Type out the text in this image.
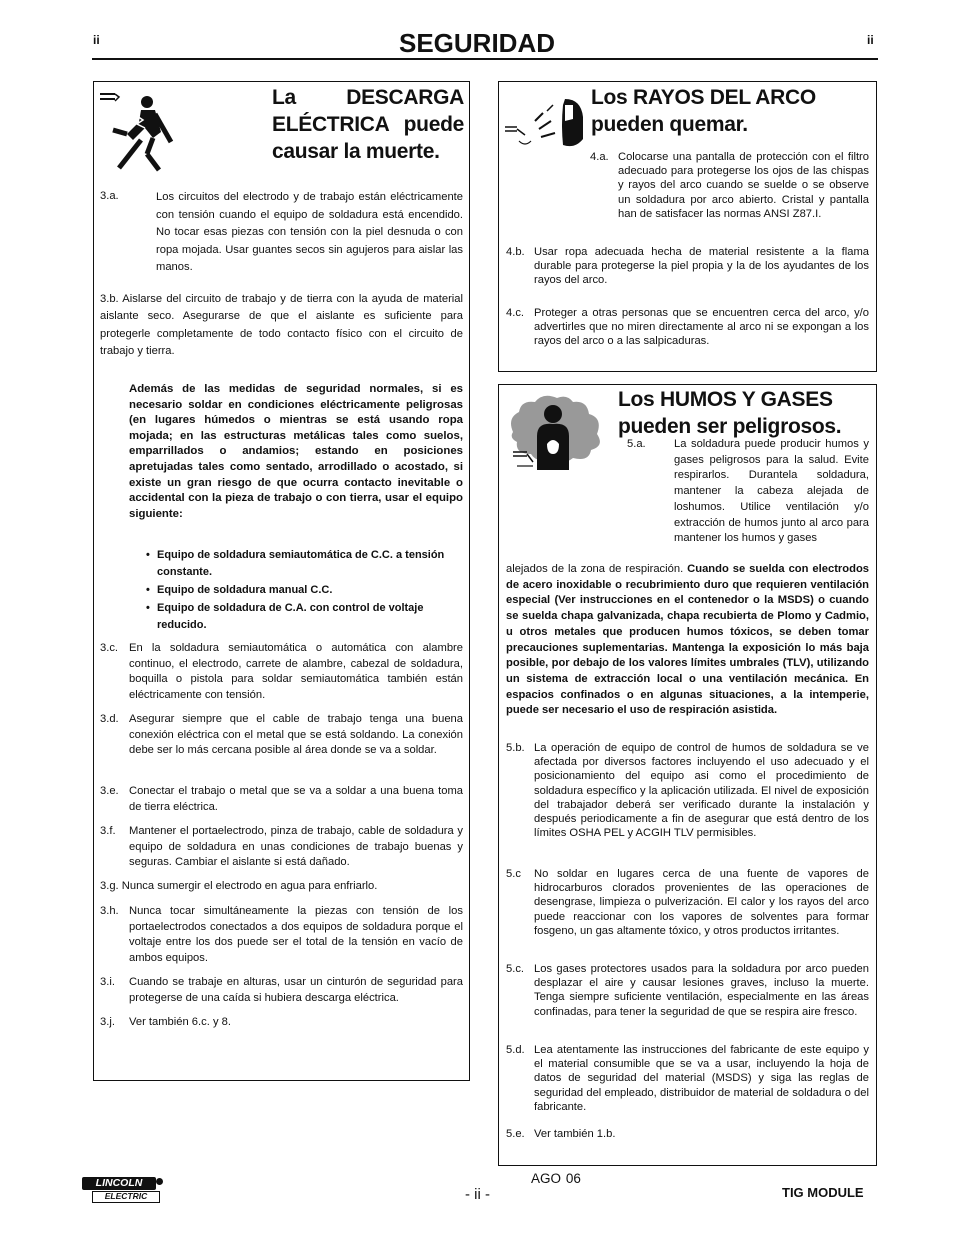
ii	ii
SEGURIDAD
La DESCARGA ELÉCTRICA puede causar la muerte.
3.a.	Los circuitos del electrodo y de trabajo están eléctricamente con tensión cuando el equipo de soldadura está encendido. No tocar esas piezas con tensión con la piel desnuda o con ropa mojada. Usar guantes secos sin agujeros para aislar las manos.
3.b. Aislarse del circuito de trabajo y de tierra con la ayuda de material aislante seco. Asegurarse de que el aislante es suficiente para protegerle completamente de todo contacto físico con el circuito de trabajo y tierra.
Además de las medidas de seguridad normales, si es necesario soldar en condiciones eléctricamente peligrosas (en lugares húmedos o mientras se está usando ropa mojada; en las estructuras metálicas tales como suelos, emparrillados o andamios; estando en posiciones apretujadas tales como sentado, arrodillado o acostado, si existe un gran riesgo de que ocurra contacto inevitable o accidental con la pieza de trabajo o con tierra, usar el equipo siguiente:
• Equipo de soldadura semiautomática de C.C. a tensión constante.
• Equipo de soldadura manual C.C.
• Equipo de soldadura de C.A. con control de voltaje reducido.
3.c. En la soldadura semiautomática o automática con alambre continuo, el electrodo, carrete de alambre, cabezal de soldadura, boquilla o pistola para soldar semiautomática también están eléctricamente con tensión.
3.d. Asegurar siempre que el cable de trabajo tenga una buena conexión eléctrica con el metal que se está soldando. La conexión debe ser lo más cercana posible al área donde se va a soldar.
3.e. Conectar el trabajo o metal que se va a soldar a una buena toma de tierra eléctrica.
3.f. Mantener el portaelectrodo, pinza de trabajo, cable de soldadura y equipo de soldadura en unas condiciones de trabajo buenas y seguras. Cambiar el aislante si está dañado.
3.g. Nunca sumergir el electrodo en agua para enfriarlo.
3.h. Nunca tocar simultáneamente la piezas con tensión de los portaelectrodos conectados a dos equipos de soldadura porque el voltaje entre los dos puede ser el total de la tensión en vacío de ambos equipos.
3.i. Cuando se trabaje en alturas, usar un cinturón de seguridad para protegerse de una caída si hubiera descarga eléctrica.
3.j. Ver también 6.c. y 8.
Los RAYOS DEL ARCO pueden quemar.
4.a. Colocarse una pantalla de protección con el filtro adecuado para protegerse los ojos de las chispas y rayos del arco cuando se suelde o se observe un soldadura por arco abierto. Cristal y pantalla han de satisfacer las normas ANSI Z87.I.
4.b. Usar ropa adecuada hecha de material resistente a la flama durable para protegerse la piel propia y la de los ayudantes de los rayos del arco.
4.c. Proteger a otras personas que se encuentren cerca del arco, y/o advertirles que no miren directamente al arco ni se expongan a los rayos del arco o a las salpicaduras.
Los HUMOS Y GASES pueden ser peligrosos.
5.a.	La soldadura puede producir humos y gases peligrosos para la salud. Evite respirarlos. Durantela soldadura, mantener la cabeza alejada de loshumos. Utilice ventilación y/o extracción de humos junto al arco para mantener los humos y gases
alejados de la zona de respiración. Cuando se suelda con electrodos de acero inoxidable o recubrimiento duro que requieren ventilación especial (Ver instrucciones en el contenedor o la MSDS) o cuando se suelda chapa galvanizada, chapa recubierta de Plomo y Cadmio, u otros metales que producen humos tóxicos, se deben tomar precauciones suplementarias. Mantenga la exposición lo más baja posible, por debajo de los valores límites umbrales (TLV), utilizando un sistema de extracción local o una ventilación mecánica. En espacios confinados o en algunas situaciones, a la intemperie, puede ser necesario el uso de respiración asistida.
5.b. La operación de equipo de control de humos de soldadura se ve afectada por diversos factores incluyendo el uso adecuado y el posicionamiento del equipo asi como el procedimiento de soldadura específico y la aplicación utilizada. El nivel de exposición del trabajador deberá ser verificado durante la instalación y después periodicamente a fin de asegurar que está dentro de los límites OSHA PEL y ACGIH TLV permisibles.
5.c No soldar en lugares cerca de una fuente de vapores de hidrocarburos clorados provenientes de las operaciones de desengrase, limpieza o pulverización. El calor y los rayos del arco puede reaccionar con los vapores de solventes para formar fosgeno, un gas altamente tóxico, y otros productos irritantes.
5.c. Los gases protectores usados para la soldadura por arco pueden desplazar el aire y causar lesiones graves, incluso la muerte. Tenga siempre suficiente ventilación, especialmente en las áreas confinadas, para tener la seguridad de que se respira aire fresco.
5.d. Lea atentamente las instrucciones del fabricante de este equipo y el material consumible que se va a usar, incluyendo la hoja de datos de seguridad del material (MSDS) y siga las reglas de seguridad del empleado, distribuidor de material de soldadura o del fabricante.
5.e. Ver también 1.b.
LINCOLN
ELECTRIC
AGO  06
- ii -	TIG MODULE
